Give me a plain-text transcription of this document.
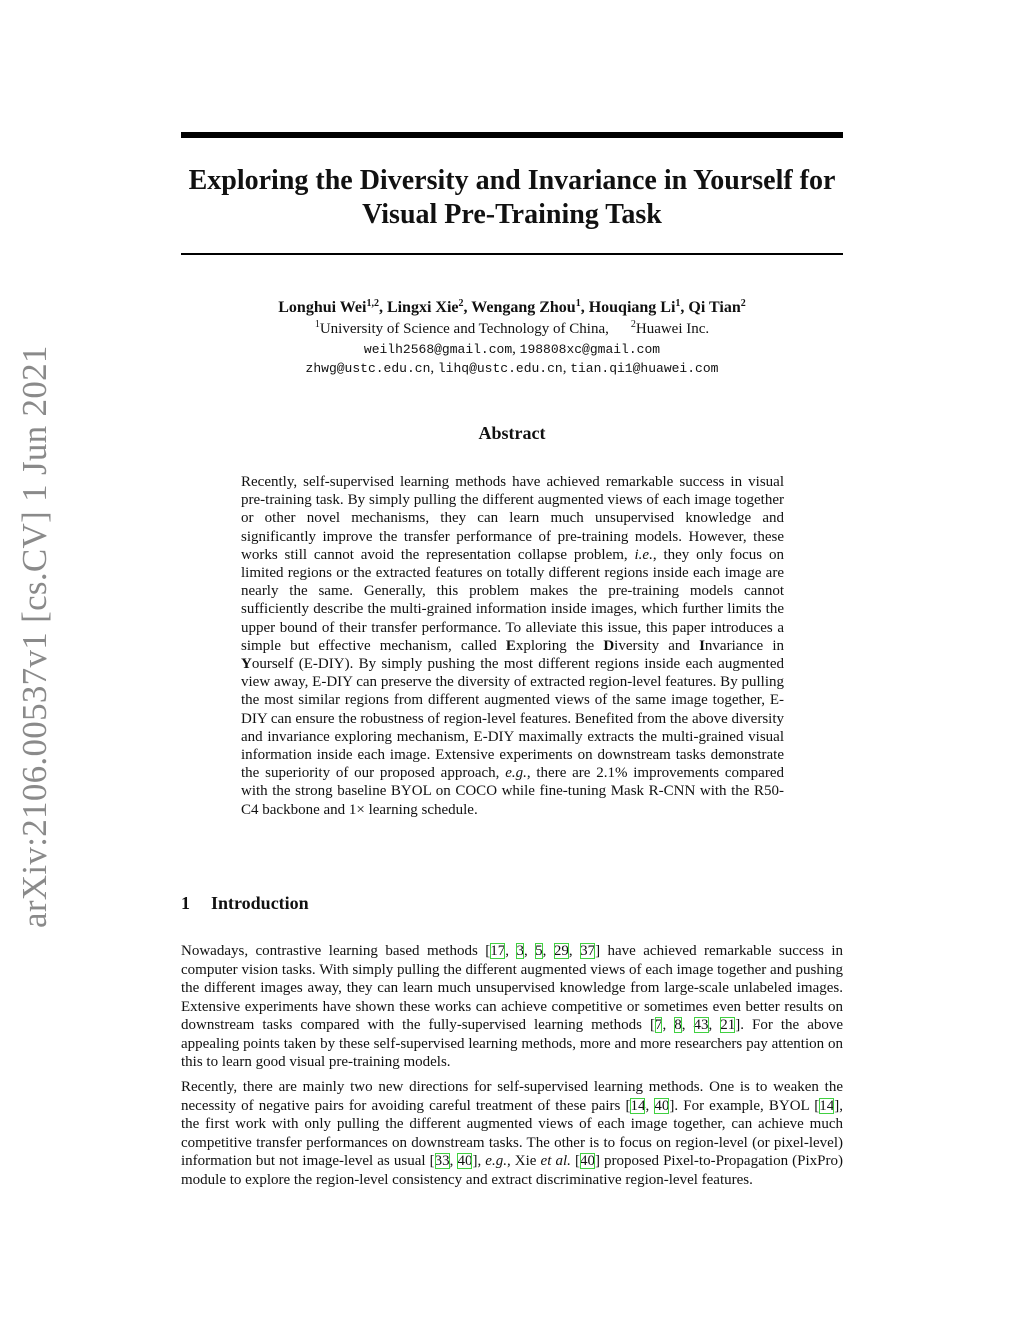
Exploring the Diversity and Invariance in Yourself for
Visual Pre-Training Task
arXiv:2106.00537v1 [cs.CV] 1 Jun 2021
Longhui Wei$^{1,2}$, Lingxi Xie$^2$, Wengang Zhou$^1$, Houqiang Li$^1$, Qi Tian$^2$
$^1$University of Science and Technology of China, $^2$Huawei Inc.
weilh2568@gmail.com, 198808xc@gmail.com
zhwg@ustc.edu.cn, lihq@ustc.edu.cn, tian.qi1@huawei.com
Abstract

Recently, self-supervised learning methods have achieved remarkable success in visual pre-training task. By simply pulling the different augmented views of each image together or other novel mechanisms, they can learn much unsupervised knowledge and significantly improve the transfer performance of pre-training models. However, these works still cannot avoid the representation collapse problem, i.e., they only focus on limited regions or the extracted features on totally different regions inside each image are nearly the same. Generally, this problem makes the pre-training models cannot sufficiently describe the multi-grained information inside images, which further limits the upper bound of their transfer performance. To alleviate this issue, this paper introduces a simple but effective mechanism, called Exploring the Diversity and Invariance in Yourself (E-DIY). By simply pushing the most different regions inside each augmented view away, E-DIY can preserve the diversity of extracted region-level features. By pulling the most similar regions from different augmented views of the same image together, E-DIY can ensure the robustness of region-level features. Benefited from the above diversity and invariance exploring mechanism, E-DIY maximally extracts the multi-grained visual information inside each image. Extensive experiments on downstream tasks demonstrate the superiority of our proposed approach, e.g., there are 2.1% improvements compared with the strong baseline BYOL on COCO while fine-tuning Mask R-CNN with the R50-C4 backbone and 1× learning schedule.

1 Introduction

Nowadays, contrastive learning based methods [17, 3, 5, 29, 37] have achieved remarkable success in computer vision tasks. With simply pulling the different augmented views of each image together and pushing the different images away, they can learn much unsupervised knowledge from large-scale unlabeled images. Extensive experiments have shown these works can achieve competitive or sometimes even better results on downstream tasks compared with the fully-supervised learning methods [7, 8, 43, 21]. For the above appealing points taken by these self-supervised learning methods, more and more researchers pay attention on this to learn good visual pre-training models.

Recently, there are mainly two new directions for self-supervised learning methods. One is to weaken the necessity of negative pairs for avoiding careful treatment of these pairs [14, 40]. For example, BYOL [14], the first work with only pulling the different augmented views of each image together, can achieve much competitive transfer performances on downstream tasks. The other is to focus on region-level (or pixel-level) information but not image-level as usual [33, 40], e.g., Xie et al. [40] proposed Pixel-to-Propagation (PixPro) module to explore the region-level consistency and extract discriminative region-level features.
